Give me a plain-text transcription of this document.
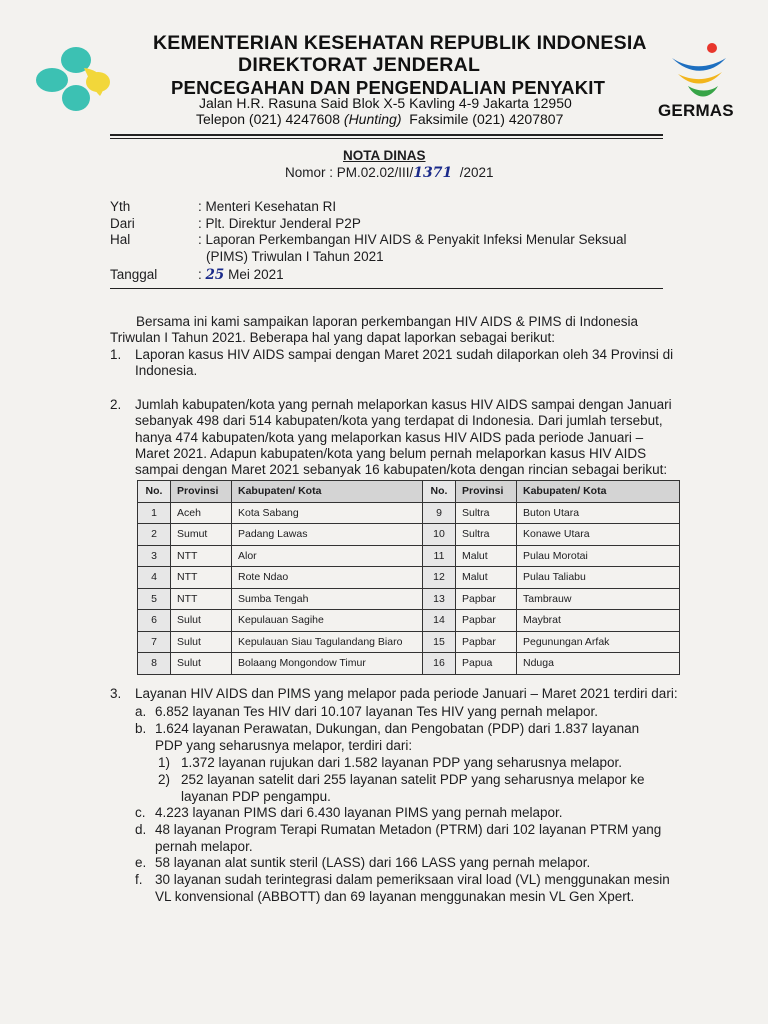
KEMENTERIAN KESEHATAN REPUBLIK INDONESIA
DIREKTORAT JENDERAL
PENCEGAHAN DAN PENGENDALIAN PENYAKIT
Jalan H.R. Rasuna Said Blok X-5 Kavling 4-9 Jakarta 12950
Telepon (021) 4247608 (Hunting)  Faksimile (021) 4207807	GERMAS
NOTA DINAS
Nomor : PM.02.02/III/1371  /2021
Yth	: Menteri Kesehatan RI
Dari	: Plt. Direktur Jenderal P2P
Hal	: Laporan Perkembangan HIV AIDS & Penyakit Infeksi Menular Seksual
(PIMS) Triwulan I Tahun 2021
Tanggal	: 25 Mei 2021
Bersama ini kami sampaikan laporan perkembangan HIV AIDS & PIMS di Indonesia
Triwulan I Tahun 2021. Beberapa hal yang dapat laporkan sebagai berikut:
1. Laporan kasus HIV AIDS sampai dengan Maret 2021 sudah dilaporkan oleh 34 Provinsi di
Indonesia.
2. Jumlah kabupaten/kota yang pernah melaporkan kasus HIV AIDS sampai dengan Januari
sebanyak 498 dari 514 kabupaten/kota yang terdapat di Indonesia. Dari jumlah tersebut,
hanya 474 kabupaten/kota yang melaporkan kasus HIV AIDS pada periode Januari –
Maret 2021. Adapun kabupaten/kota yang belum pernah melaporkan kasus HIV AIDS
sampai dengan Maret 2021 sebanyak 16 kabupaten/kota dengan rincian sebagai berikut:
No.	Provinsi	Kabupaten/ Kota	No.	Provinsi	Kabupaten/ Kota
1	Aceh	Kota Sabang	9	Sultra	Buton Utara
2	Sumut	Padang Lawas	10	Sultra	Konawe Utara
3	NTT	Alor	11	Malut	Pulau Morotai
4	NTT	Rote Ndao	12	Malut	Pulau Taliabu
5	NTT	Sumba Tengah	13	Papbar	Tambrauw
6	Sulut	Kepulauan Sagihe	14	Papbar	Maybrat
7	Sulut	Kepulauan Siau Tagulandang Biaro	15	Papbar	Pegunungan Arfak
8	Sulut	Bolaang Mongondow Timur	16	Papua	Nduga
3. Layanan HIV AIDS dan PIMS yang melapor pada periode Januari – Maret 2021 terdiri dari:
a. 6.852 layanan Tes HIV dari 10.107 layanan Tes HIV yang pernah melapor.
b. 1.624 layanan Perawatan, Dukungan, dan Pengobatan (PDP) dari 1.837 layanan
PDP yang seharusnya melapor, terdiri dari:
1) 1.372 layanan rujukan dari 1.582 layanan PDP yang seharusnya melapor.
2) 252 layanan satelit dari 255 layanan satelit PDP yang seharusnya melapor ke
layanan PDP pengampu.
c. 4.223 layanan PIMS dari 6.430 layanan PIMS yang pernah melapor.
d. 48 layanan Program Terapi Rumatan Metadon (PTRM) dari 102 layanan PTRM yang
pernah melapor.
e. 58 layanan alat suntik steril (LASS) dari 166 LASS yang pernah melapor.
f. 30 layanan sudah terintegrasi dalam pemeriksaan viral load (VL) menggunakan mesin
VL konvensional (ABBOTT) dan 69 layanan menggunakan mesin VL Gen Xpert.
